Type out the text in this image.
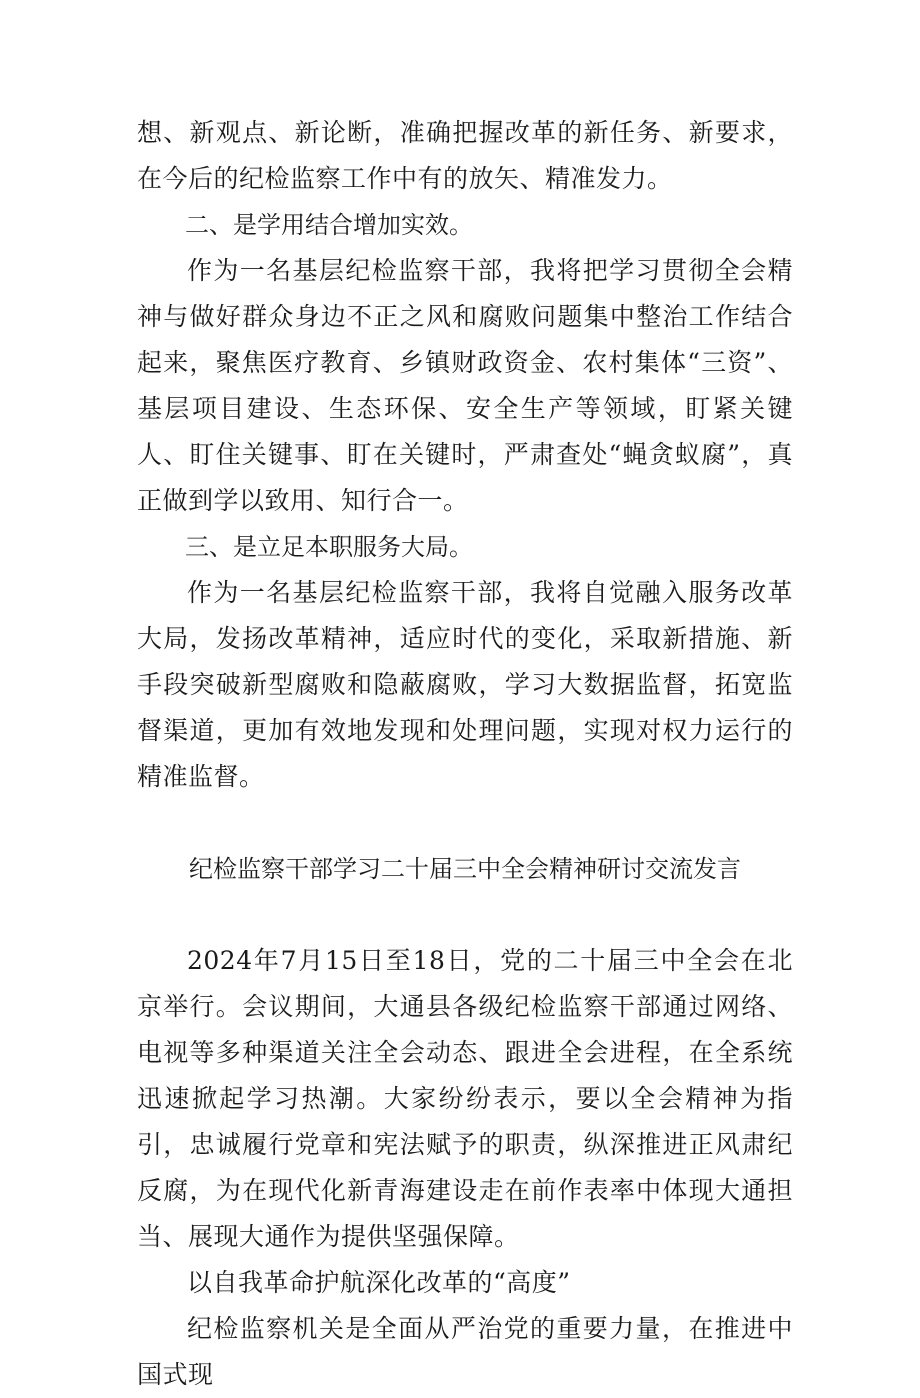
想、新观点、新论断，准确把握改革的新任务、新要求，在今后的纪检监察工作中有的放矢、精准发力。

二、是学用结合增加实效。

作为一名基层纪检监察干部，我将把学习贯彻全会精神与做好群众身边不正之风和腐败问题集中整治工作结合起来，聚焦医疗教育、乡镇财政资金、农村集体“三资”、基层项目建设、生态环保、安全生产等领域，盯紧关键人、盯住关键事、盯在关键时，严肃查处“蝇贪蚁腐”，真正做到学以致用、知行合一。

三、是立足本职服务大局。

作为一名基层纪检监察干部，我将自觉融入服务改革大局，发扬改革精神，适应时代的变化，采取新措施、新手段突破新型腐败和隐蔽腐败，学习大数据监督，拓宽监督渠道，更加有效地发现和处理问题，实现对权力运行的精准监督。

纪检监察干部学习二十届三中全会精神研讨交流发言

2024年7月15日至18日，党的二十届三中全会在北京举行。会议期间，大通县各级纪检监察干部通过网络、电视等多种渠道关注全会动态、跟进全会进程，在全系统迅速掀起学习热潮。大家纷纷表示，要以全会精神为指引，忠诚履行党章和宪法赋予的职责，纵深推进正风肃纪反腐，为在现代化新青海建设走在前作表率中体现大通担当、展现大通作为提供坚强保障。

以自我革命护航深化改革的“高度”

纪检监察机关是全面从严治党的重要力量，在推进中国式现
